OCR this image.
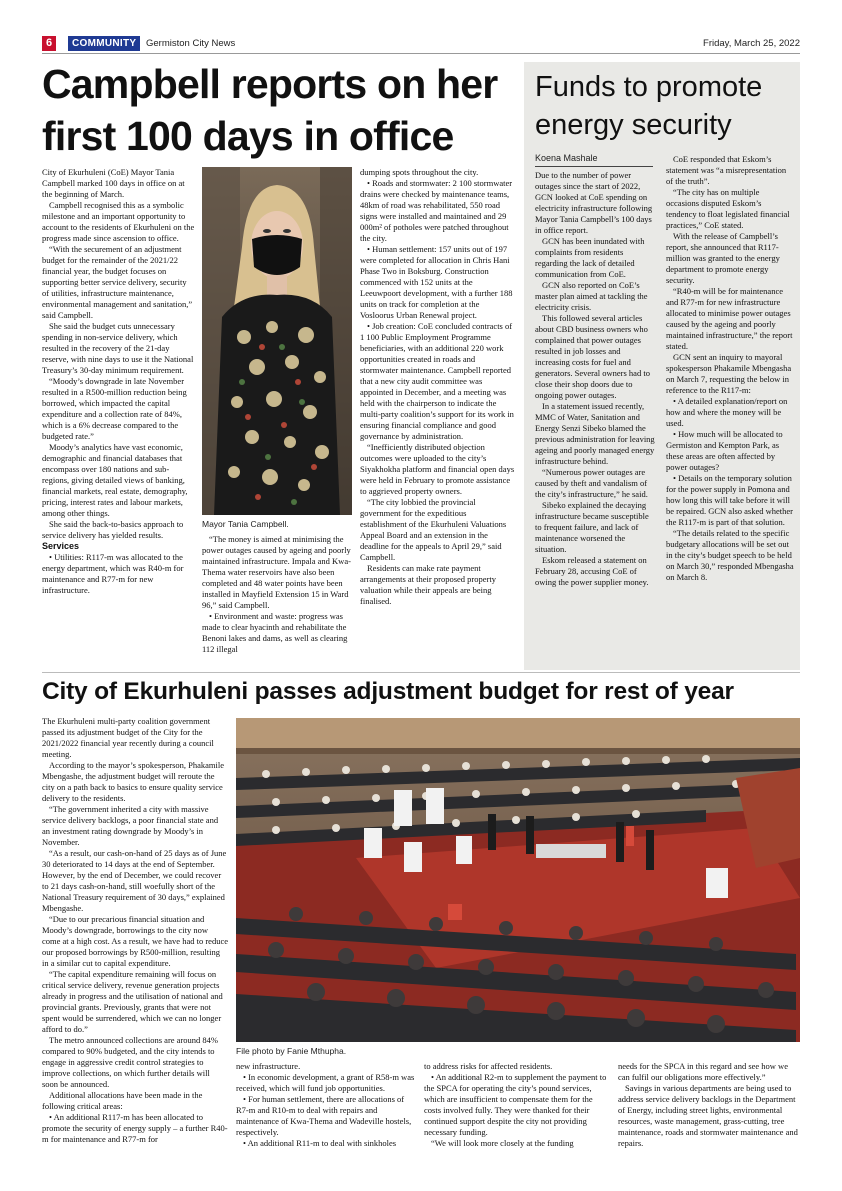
6	COMMUNITY	Germiston City News	Friday, March 25, 2022
Campbell reports on her first 100 days in office

City of Ekurhuleni (CoE) Mayor Tania Campbell marked 100 days in office on at the beginning of March.

Campbell recognised this as a symbolic milestone and an important opportunity to account to the residents of Ekurhuleni on the progress made since ascension to office.

“With the securement of an adjustment budget for the remainder of the 2021/22 financial year, the budget focuses on supporting better service delivery, security of utilities, infrastructure maintenance, environmental management and sanitation,” said Campbell.

She said the budget cuts unnecessary spending in non-service delivery, which resulted in the recovery of the 21-day reserve, with nine days to use it the National Treasury’s 30-day minimum requirement.

“Moody’s downgrade in late November resulted in a R500-million reduction being borrowed, which impacted the capital expenditure and a collection rate of 84%, which is a 6% decrease compared to the budgeted rate.”

Moody’s analytics have vast economic, demographic and financial databases that encompass over 180 nations and sub-regions, giving detailed views of banking, financial markets, real estate, demography, pricing, interest rates and labour markets, among other things.

She said the back-to-basics approach to service delivery has yielded results.

Services

• Utilities: R117-m was allocated to the energy department, which was R40-m for maintenance and R77-m for new infrastructure.

Mayor Tania Campbell.

“The money is aimed at minimising the power outages caused by ageing and poorly maintained infrastructure. Impala and Kwa-Thema water reservoirs have also been completed and 48 water points have been installed in Mayfield Extension 15 in Ward 96,” said Campbell.

• Environment and waste: progress was made to clear hyacinth and rehabilitate the Benoni lakes and dams, as well as clearing 112 illegal

dumping spots throughout the city.

• Roads and stormwater: 2 100 stormwater drains were checked by maintenance teams, 48km of road was rehabilitated, 550 road signs were installed and maintained and 29 000m² of potholes were patched throughout the city.

• Human settlement: 157 units out of 197 were completed for allocation in Chris Hani Phase Two in Boksburg. Construction commenced with 152 units at the Leeuwpoort development, with a further 188 units on track for completion at the Vosloorus Urban Renewal project.

• Job creation: CoE concluded contracts of 1 100 Public Employment Programme beneficiaries, with an additional 220 work opportunities created in roads and stormwater maintenance. Campbell reported that a new city audit committee was appointed in December, and a meeting was held with the chairperson to indicate the multi-party coalition’s support for its work in ensuring financial compliance and good governance by administration.

“Inefficiently distributed objection outcomes were uploaded to the city’s Siyakhokha platform and financial open days were held in February to promote assistance to aggrieved property owners.

“The city lobbied the provincial government for the expeditious establishment of the Ekurhuleni Valuations Appeal Board and an extension in the deadline for the appeals to April 29,” said Campbell.

Residents can make rate payment arrangements at their proposed property valuation while their appeals are being finalised.

Funds to promote energy security
Koena Mashale

Due to the number of power outages since the start of 2022, GCN looked at CoE spending on electricity infrastructure following Mayor Tania Campbell’s 100 days in office report.

GCN has been inundated with complaints from residents regarding the lack of detailed communication from CoE.

GCN also reported on CoE’s master plan aimed at tackling the electricity crisis.

This followed several articles about CBD business owners who complained that power outages resulted in job losses and increasing costs for fuel and generators. Several owners had to close their shop doors due to ongoing power outages.

In a statement issued recently, MMC of Water, Sanitation and Energy Senzi Sibeko blamed the previous administration for leaving ageing and poorly managed energy infrastructure behind.

“Numerous power outages are caused by theft and vandalism of the city’s infrastructure,” he said.

Sibeko explained the decaying infrastructure became susceptible to frequent failure, and lack of maintenance worsened the situation.

Eskom released a statement on February 28, accusing CoE of owing the power supplier money.

CoE responded that Eskom’s statement was “a misrepresentation of the truth”.

“The city has on multiple occasions disputed Eskom’s tendency to float legislated financial practices,” CoE stated.

With the release of Campbell’s report, she announced that R117-million was granted to the energy department to promote energy security.

“R40-m will be for maintenance and R77-m for new infrastructure allocated to minimise power outages caused by the ageing and poorly maintained infrastructure,” the report stated.

GCN sent an inquiry to mayoral spokesperson Phakamile Mbengasha on March 7, requesting the below in reference to the R117-m:

• A detailed explanation/report on how and where the money will be used.

• How much will be allocated to Germiston and Kempton Park, as these areas are often affected by power outages?

• Details on the temporary solution for the power supply in Pomona and how long this will take before it will be repaired. GCN also asked whether the R117-m is part of that solution.

“The details related to the specific budgetary allocations will be set out in the city’s budget speech to be held on March 30,” responded Mbengasha on March 8.

City of Ekurhuleni passes adjustment budget for rest of year

The Ekurhuleni multi-party coalition government passed its adjustment budget of the City for the 2021/2022 financial year recently during a council meeting.

According to the mayor’s spokesperson, Phakamile Mbengashe, the adjustment budget will reroute the city on a path back to basics to ensure quality service delivery to the residents.

“The government inherited a city with massive service delivery backlogs, a poor financial state and an investment rating downgrade by Moody’s in November.

“As a result, our cash-on-hand of 25 days as of June 30 deteriorated to 14 days at the end of September. However, by the end of December, we could recover to 21 days cash-on-hand, still woefully short of the National Treasury requirement of 30 days,” explained Mbengashe.

“Due to our precarious financial situation and Moody’s downgrade, borrowings to the city now come at a high cost. As a result, we have had to reduce our proposed borrowings by R500-million, resulting in a similar cut to capital expenditure.

“The capital expenditure remaining will focus on critical service delivery, revenue generation projects already in progress and the utilisation of national and provincial grants. Previously, grants that were not spent would be surrendered, which we can no longer afford to do.”

The metro announced collections are around 84% compared to 90% budgeted, and the city intends to engage in aggressive credit control strategies to improve collections, on which further details will soon be announced.

Additional allocations have been made in the following critical areas:

• An additional R117-m has been allocated to promote the security of energy supply – a further R40-m for maintenance and R77-m for

File photo by Fanie Mthupha.

new infrastructure.

• In economic development, a grant of R58-m was received, which will fund job opportunities.

• For human settlement, there are allocations of R7-m and R10-m to deal with repairs and maintenance of Kwa-Thema and Wadeville hostels, respectively.

• An additional R11-m to deal with sinkholes

to address risks for affected residents.

• An additional R2-m to supplement the payment to the SPCA for operating the city’s pound services, which are insufficient to compensate them for the costs involved fully. They were thanked for their continued support despite the city not providing necessary funding.

“We will look more closely at the funding

needs for the SPCA in this regard and see how we can fulfil our obligations more effectively.”

Savings in various departments are being used to address service delivery backlogs in the Department of Energy, including street lights, environmental resources, waste management, grass-cutting, tree maintenance, roads and stormwater maintenance and repairs.
